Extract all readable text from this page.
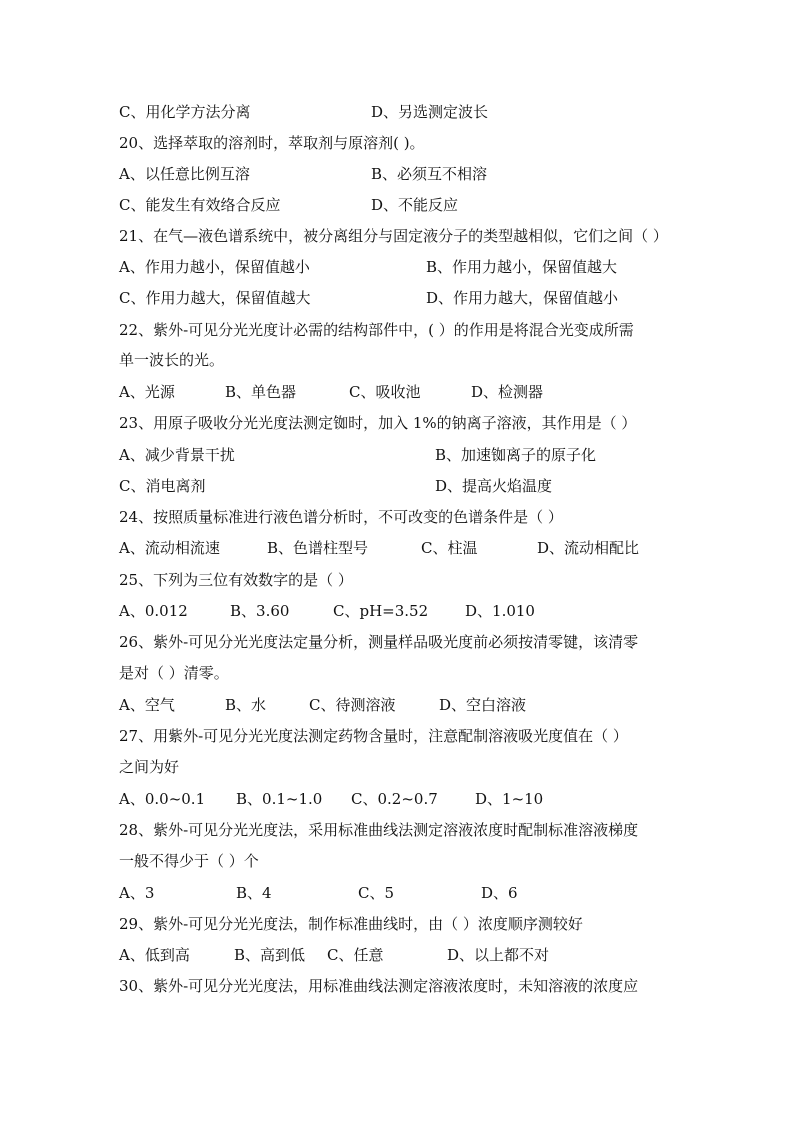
C、用化学方法分离	D、另选测定波长
20、选择萃取的溶剂时，萃取剂与原溶剂( )。
A、以任意比例互溶	B、必须互不相溶
C、能发生有效络合反应	D、不能反应
21、在气—液色谱系统中，被分离组分与固定液分子的类型越相似，它们之间（ ）
A、作用力越小，保留值越小	B、作用力越小，保留值越大
C、作用力越大，保留值越大	D、作用力越大，保留值越小
22、紫外-可见分光光度计必需的结构部件中，( ）的作用是将混合光变成所需
单一波长的光。
A、光源	B、单色器	C、吸收池	D、检测器
23、用原子吸收分光光度法测定铷时，加入 1%的钠离子溶液，其作用是（ ）
A、减少背景干扰	B、加速铷离子的原子化
C、消电离剂	D、提高火焰温度
24、按照质量标准进行液色谱分析时，不可改变的色谱条件是（ ）
A、流动相流速	B、色谱柱型号	C、柱温	D、流动相配比
25、下列为三位有效数字的是（ ）
A、0.012	B、3.60	C、pH=3.52 D、1.010
26、紫外-可见分光光度法定量分析，测量样品吸光度前必须按清零键，该清零
是对（ ）清零。
A、空气	B、水	C、待测溶液	D、空白溶液
27、用紫外-可见分光光度法测定药物含量时，注意配制溶液吸光度值在（ ）
之间为好
A、0.0~0.1 B、0.1~1.0 C、0.2~0.7 D、1~10
28、紫外-可见分光光度法，采用标准曲线法测定溶液浓度时配制标准溶液梯度
一般不得少于（ ）个
A、3	B、4	C、5	D、6
29、紫外-可见分光光度法，制作标准曲线时，由（ ）浓度顺序测较好
A、低到高	B、高到低 C、任意	D、以上都不对
30、紫外-可见分光光度法，用标准曲线法测定溶液浓度时，未知溶液的浓度应
